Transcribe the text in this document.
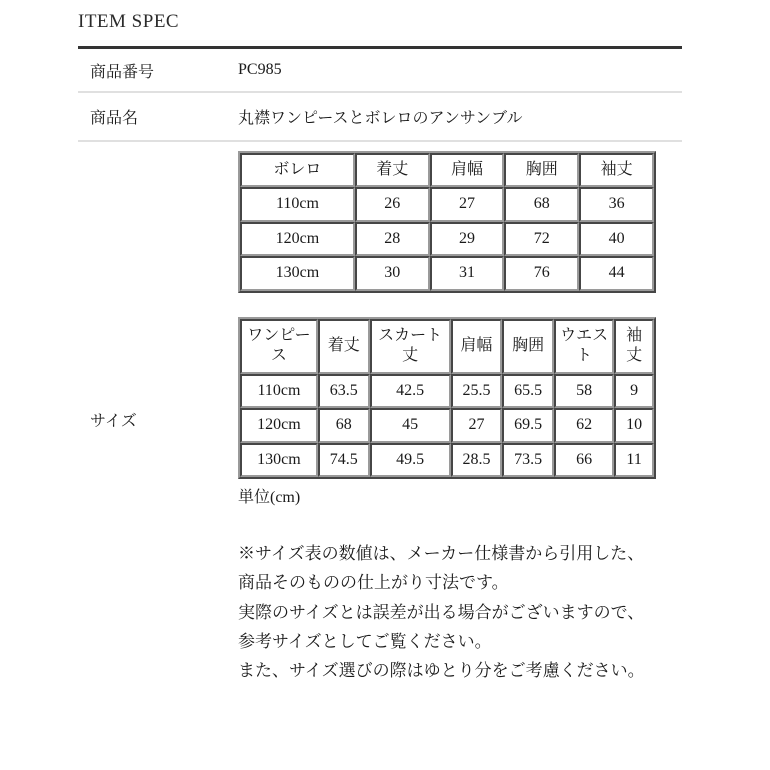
ITEM SPEC
商品番号	PC985

商品名	丸襟ワンピースとボレロのアンサンブル

サイズ

ボレロ	着丈	肩幅	胸囲	袖丈
110cm	26	27	68	36
120cm	28	29	72	40
130cm	30	31	76	44
ワンピース	着丈	スカート丈	肩幅	胸囲	ウエスト	袖丈
110cm	63.5	42.5	25.5	65.5	58	9
120cm	68	45	27	69.5	62	10
130cm	74.5	49.5	28.5	73.5	66	11
単位(cm)

※サイズ表の数値は、メーカー仕様書から引用した、商品そのものの仕上がり寸法です。

実際のサイズとは誤差が出る場合がございますので、参考サイズとしてご覧ください。

また、サイズ選びの際はゆとり分をご考慮ください。
